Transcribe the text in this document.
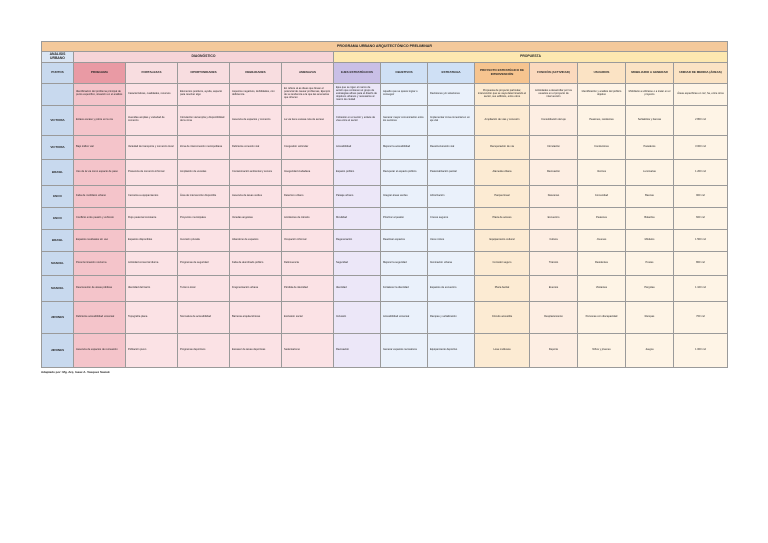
PROGRAMA URBANO ARQUITECTÓNICO PRELIMINAR													
ANÁLISIS URBANO	DIAGNÓSTICO					PROPUESTA							
PUNTOS	PROBLEMA	FORTALEZAS	OPORTUNIDADES	DEBILIDADES	AMENAZAS	EJES ESTRATÉGICOS	OBJETIVOS	ESTRATEGIA	PROYECTO ESTRATÉGICO DE INTERVENCIÓN	FUNCIÓN (ACTIVIDAD)	USUARIOS	MOBILIARIO A GENERAR	UNIDAD DE MEDIDA (ÁREAS)
	Identificación del problema principal de punto específico, situación en el análisis	Características, cualidades, recursos	Elementos positivos, ayuda, aspecto para resolver algo	Aspectos negativos, debilidades, con deficiencia	En refiere al as ideas que llevan el potencial de causar problemas, Ejemplo de su tendencia a la que las amenazas que ofrecen	Ejes que se rigen el marco de acción que contienen el grupo de estrategias afines para el diseño de objetivos urbanos y necesarios al marco de ciudad	Aquello que se quiere lograr o conseguir	Decisiones y/o soluciones	Propuesta de proyecto particular, intervención que se vaya determinando el sector, sus edificios, entre otros	Actividades a desarrollar por los usuarios en el proyecto de intervención	Identificación y análisis del público objetivo	Mobiliario a utilizarse o a tratar en el proyecto	Áreas específicas en m2, ha, entre otros
VICTORIA	Enlace escaso y pobre en la vía	Avenidas amplias y variedad de comercio	Circulación vial amplia y disponibilidad de la zona	Ausencia de espacios y comercio	La vía tiene escasa ruta de acceso	Cohesión en el sector y enlace de vías entre el sector	Generar mayor comunicación entre los sectores	Implementar zona comercial en un eje vial	Ampliación de vías y conexión	Consolidación del eje	Peatones, residentes	Señalética y bancas	2 800 m2
VICTORIA	Bajo tráfico vial	Variedad de transporte y comercio local	Zona de interconexión metropolitana	Deficiente conexión vial	Congestión vehicular	Accesibilidad	Mejorar la accesibilidad	Reestructuración vial	Recuperación de vía	Circulación	Conductores	Paraderos	3 000 m2
BRASIL	Uso de la vía como espacio de paso	Presencia de comercio informal	Ampliación de veredas	Contaminación ambiental y sonora	Inseguridad ciudadana	Espacio público	Recuperar el espacio público	Peatonalización parcial	Alameda urbana	Recreación	Vecinos	Luminarias	1 200 m2
ENCO	Falta de mobiliario urbano	Cercanía a equipamientos	Área de intervención disponible	Ausencia de áreas verdes	Deterioro urbano	Paisaje urbano	Integrar áreas verdes	Arborización	Parque lineal	Descanso	Comunidad	Bancas	900 m2
ENCO	Conflicto entre peatón y vehículo	Flujo peatonal constante	Proyectos municipales	Veredas angostas	Accidentes de tránsito	Movilidad	Priorizar al peatón	Cruces seguros	Plaza de acceso	Encuentro	Peatones	Bolardos	600 m2
BRASIL	Espacios residuales sin uso	Espacios disponibles	Inversión privada	Abandono de espacios	Ocupación informal	Regeneración	Reactivar espacios	Usos mixtos	Equipamiento cultural	Cultura	Jóvenes	Módulos	1 500 m2
MANUEL	Poca iluminación nocturna	Actividad comercial diurna	Programas de seguridad	Falta de alumbrado público	Delincuencia	Seguridad	Mejorar la seguridad	Iluminación urbana	Corredor seguro	Tránsito	Residentes	Postes	800 m2
MANUEL	Desconexión de áreas públicas	Identidad del barrio	Turismo local	Fragmentación urbana	Pérdida de identidad	Identidad	Fortalecer la identidad	Espacios de encuentro	Plaza barrial	Eventos	Visitantes	Pérgolas	1 100 m2
JIRONES	Deficiente accesibilidad universal	Topografía plana	Normativa de accesibilidad	Barreras arquitectónicas	Exclusión social	Inclusión	Accesibilidad universal	Rampas y señalización	Circuito accesible	Desplazamiento	Personas con discapacidad	Rampas	700 m2
JIRONES	Ausencia de espacios de recreación	Población joven	Programas deportivos	Escasez de áreas deportivas	Sedentarismo	Recreación	Generar espacios recreativos	Equipamiento deportivo	Losa multiusos	Deporte	Niños y jóvenes	Juegos	1 000 m2
Adaptado por: Mg. Arq. Isaac A. Vasquez Sasiuk
